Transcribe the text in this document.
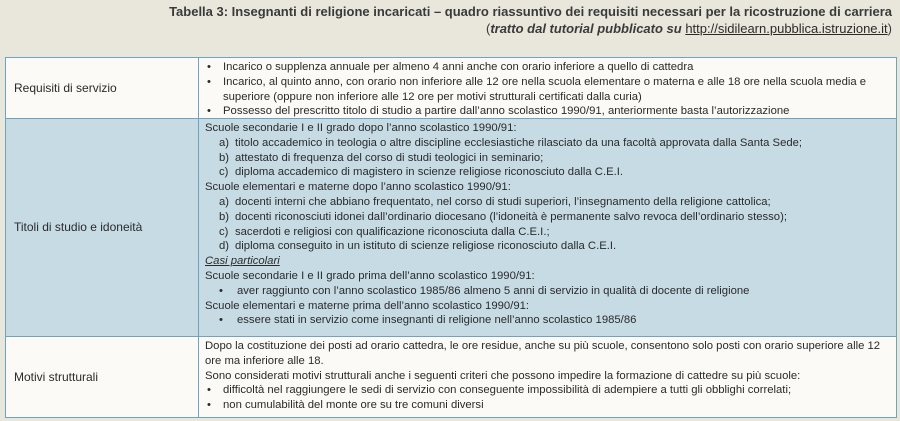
Tabella 3: Insegnanti di religione incaricati – quadro riassuntivo dei requisiti necessari per la ricostruzione di carriera
(tratto dal tutorial pubblicato su http://sidilearn.pubblica.istruzione.it)
Requisiti di servizio
• Incarico o supplenza annuale per almeno 4 anni anche con orario inferiore a quello di cattedra
• Incarico, al quinto anno, con orario non inferiore alle 12 ore nella scuola elementare o materna e alle 18 ore nella scuola media e superiore (oppure non inferiore alle 12 ore per motivi strutturali certificati dalla curia)
• Possesso del prescritto titolo di studio a partire dall’anno scolastico 1990/91, anteriormente basta l’autorizzazione
Titoli di studio e idoneità
Scuole secondarie I e II grado dopo l’anno scolastico 1990/91:
a) titolo accademico in teologia o altre discipline ecclesiastiche rilasciato da una facoltà approvata dalla Santa Sede;
b) attestato di frequenza del corso di studi teologici in seminario;
c) diploma accademico di magistero in scienze religiose riconosciuto dalla C.E.I.
Scuole elementari e materne dopo l’anno scolastico 1990/91:
a) docenti interni che abbiano frequentato, nel corso di studi superiori, l’insegnamento della religione cattolica;
b) docenti riconosciuti idonei dall’ordinario diocesano (l’idoneità è permanente salvo revoca dell’ordinario stesso);
c) sacerdoti e religiosi con qualificazione riconosciuta dalla C.E.I.;
d) diploma conseguito in un istituto di scienze religiose riconosciuto dalla C.E.I.
Casi particolari
Scuole secondarie I e II grado prima dell’anno scolastico 1990/91:
• aver raggiunto con l’anno scolastico 1985/86 almeno 5 anni di servizio in qualità di docente di religione
Scuole elementari e materne prima dell’anno scolastico 1990/91:
• essere stati in servizio come insegnanti di religione nell’anno scolastico 1985/86
Motivi strutturali
Dopo la costituzione dei posti ad orario cattedra, le ore residue, anche su più scuole, consentono solo posti con orario superiore alle 12 ore ma inferiore alle 18.
Sono considerati motivi strutturali anche i seguenti criteri che possono impedire la formazione di cattedre su più scuole:
• difficoltà nel raggiungere le sedi di servizio con conseguente impossibilità di adempiere a tutti gli obblighi correlati;
• non cumulabilità del monte ore su tre comuni diversi
